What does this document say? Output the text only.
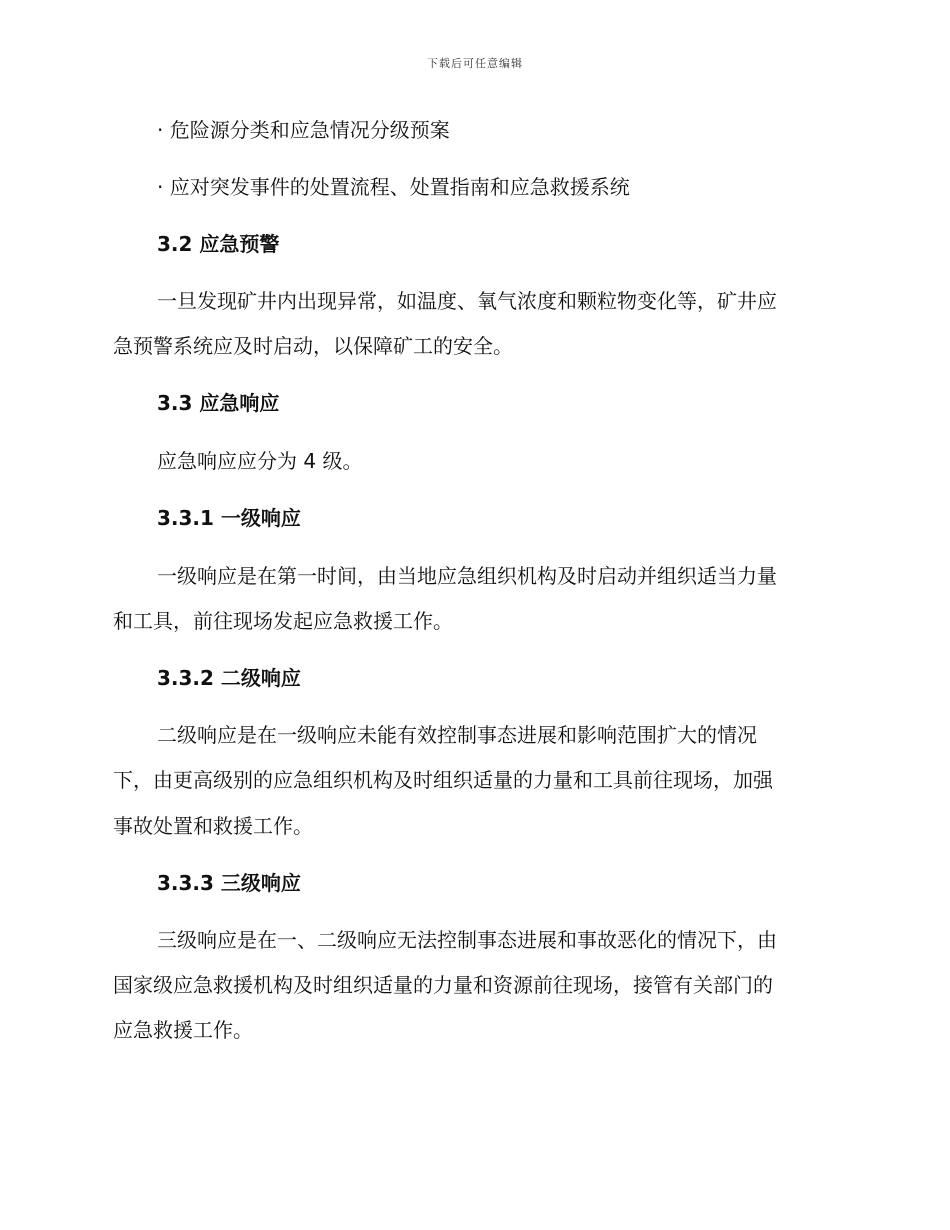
下载后可任意编辑
· 危险源分类和应急情况分级预案
· 应对突发事件的处置流程、处置指南和应急救援系统
3.2 应急预警
一旦发现矿井内出现异常，如温度、氧气浓度和颗粒物变化等，矿井应
急预警系统应及时启动，以保障矿工的安全。
3.3 应急响应
应急响应应分为 4 级。
3.3.1 一级响应
一级响应是在第一时间，由当地应急组织机构及时启动并组织适当力量
和工具，前往现场发起应急救援工作。
3.3.2 二级响应
二级响应是在一级响应未能有效控制事态进展和影响范围扩大的情况
下，由更高级别的应急组织机构及时组织适量的力量和工具前往现场，加强
事故处置和救援工作。
3.3.3 三级响应
三级响应是在一、二级响应无法控制事态进展和事故恶化的情况下，由
国家级应急救援机构及时组织适量的力量和资源前往现场，接管有关部门的
应急救援工作。
